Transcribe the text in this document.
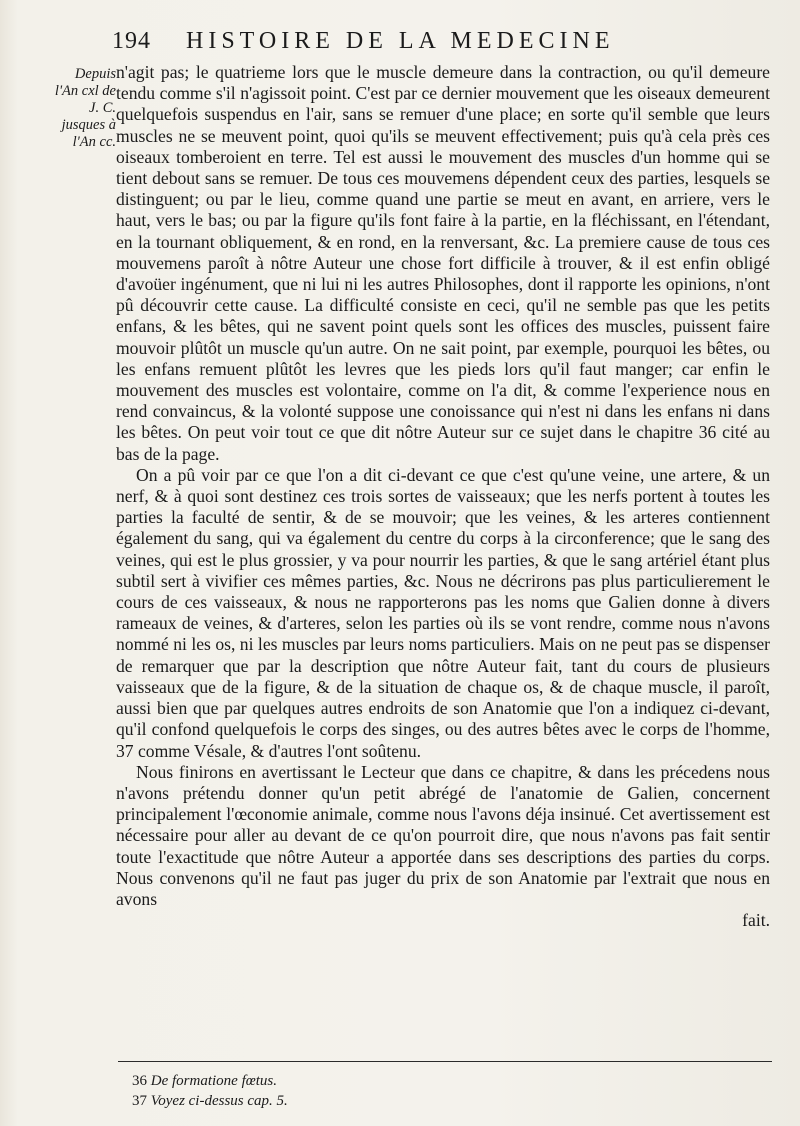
194 HISTOIRE DE LA MEDECINE
Depuis l'An cxl de J. C. jusques à l'An cc.

n'agit pas; le quatrieme lors que le muscle demeure dans la contraction, ou qu'il demeure tendu comme s'il n'agissoit point. C'est par ce dernier mouvement que les oiseaux demeurent quelquefois suspendus en l'air, sans se remuer d'une place; en sorte qu'il semble que leurs muscles ne se meuvent point, quoi qu'ils se meuvent effectivement; puis qu'à cela près ces oiseaux tomberoient en terre. Tel est aussi le mouvement des muscles d'un homme qui se tient debout sans se remuer. De tous ces mouvemens dépendent ceux des parties, lesquels se distinguent; ou par le lieu, comme quand une partie se meut en avant, en arriere, vers le haut, vers le bas; ou par la figure qu'ils font faire à la partie, en la fléchissant, en l'étendant, en la tournant obliquement, & en rond, en la renversant, &c. La premiere cause de tous ces mouvemens paroît à nôtre Auteur une chose fort difficile à trouver, & il est enfin obligé d'avoüer ingénument, que ni lui ni les autres Philosophes, dont il rapporte les opinions, n'ont pû découvrir cette cause. La difficulté consiste en ceci, qu'il ne semble pas que les petits enfans, & les bêtes, qui ne savent point quels sont les offices des muscles, puissent faire mouvoir plûtôt un muscle qu'un autre. On ne sait point, par exemple, pourquoi les bêtes, ou les enfans remuent plûtôt les levres que les pieds lors qu'il faut manger; car enfin le mouvement des muscles est volontaire, comme on l'a dit, & comme l'experience nous en rend convaincus, & la volonté suppose une conoissance qui n'est ni dans les enfans ni dans les bêtes. On peut voir tout ce que dit nôtre Auteur sur ce sujet dans le chapitre 36 cité au bas de la page.

On a pû voir par ce que l'on a dit ci-devant ce que c'est qu'une veine, une artere, & un nerf, & à quoi sont destinez ces trois sortes de vaisseaux; que les nerfs portent à toutes les parties la faculté de sentir, & de se mouvoir; que les veines, & les arteres contiennent également du sang, qui va également du centre du corps à la circonference; que le sang des veines, qui est le plus grossier, y va pour nourrir les parties, & que le sang artériel étant plus subtil sert à vivifier ces mêmes parties, &c. Nous ne décrirons pas plus particulierement le cours de ces vaisseaux, & nous ne rapporterons pas les noms que Galien donne à divers rameaux de veines, & d'arteres, selon les parties où ils se vont rendre, comme nous n'avons nommé ni les os, ni les muscles par leurs noms particuliers. Mais on ne peut pas se dispenser de remarquer que par la description que nôtre Auteur fait, tant du cours de plusieurs vaisseaux que de la figure, & de la situation de chaque os, & de chaque muscle, il paroît, aussi bien que par quelques autres endroits de son Anatomie que l'on a indiquez ci-devant, qu'il confond quelquefois le corps des singes, ou des autres bêtes avec le corps de l'homme, 37 comme Vésale, & d'autres l'ont soûtenu.

Nous finirons en avertissant le Lecteur que dans ce chapitre, & dans les précedens nous n'avons prétendu donner qu'un petit abrégé de l'anatomie de Galien, concernent principalement l'œconomie animale, comme nous l'avons déja insinué. Cet avertissement est nécessaire pour aller au devant de ce qu'on pourroit dire, que nous n'avons pas fait sentir toute l'exactitude que nôtre Auteur a apportée dans ses descriptions des parties du corps. Nous convenons qu'il ne faut pas juger du prix de son Anatomie par l'extrait que nous en avons

fait.
36 De formatione fœtus.
37 Voyez ci-dessus cap. 5.
